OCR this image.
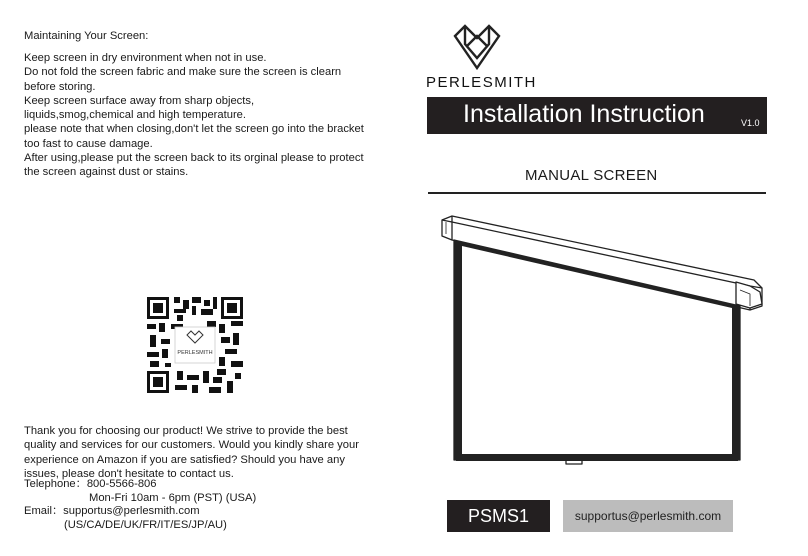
Maintaining Your Screen:
Keep screen in dry environment when not in use.
Do not fold the screen fabric and make sure the screen is clearn
before storing.
Keep screen surface away from sharp objects,
liquids,smog,chemical and high temperature.
please note that when closing,don't let the screen go into the bracket
too fast to cause damage.
After using,please put the screen back to its orginal please to protect
the screen against dust or stains.
PERLESMITH
Thank you for choosing our product! We strive to provide the best
quality and services for our customers. Would you kindly share your
experience on Amazon if you are satisfied? Should you have any
issues, please don't hesitate to contact us.
Telephone：800-5566-806
Mon-Fri 10am - 6pm (PST) (USA)
Email：supportus@perlesmith.com
(US/CA/DE/UK/FR/IT/ES/JP/AU)
PERLESMITH
Installation Instruction	V1.0
MANUAL SCREEN
PSMS1	supportus@perlesmith.com
